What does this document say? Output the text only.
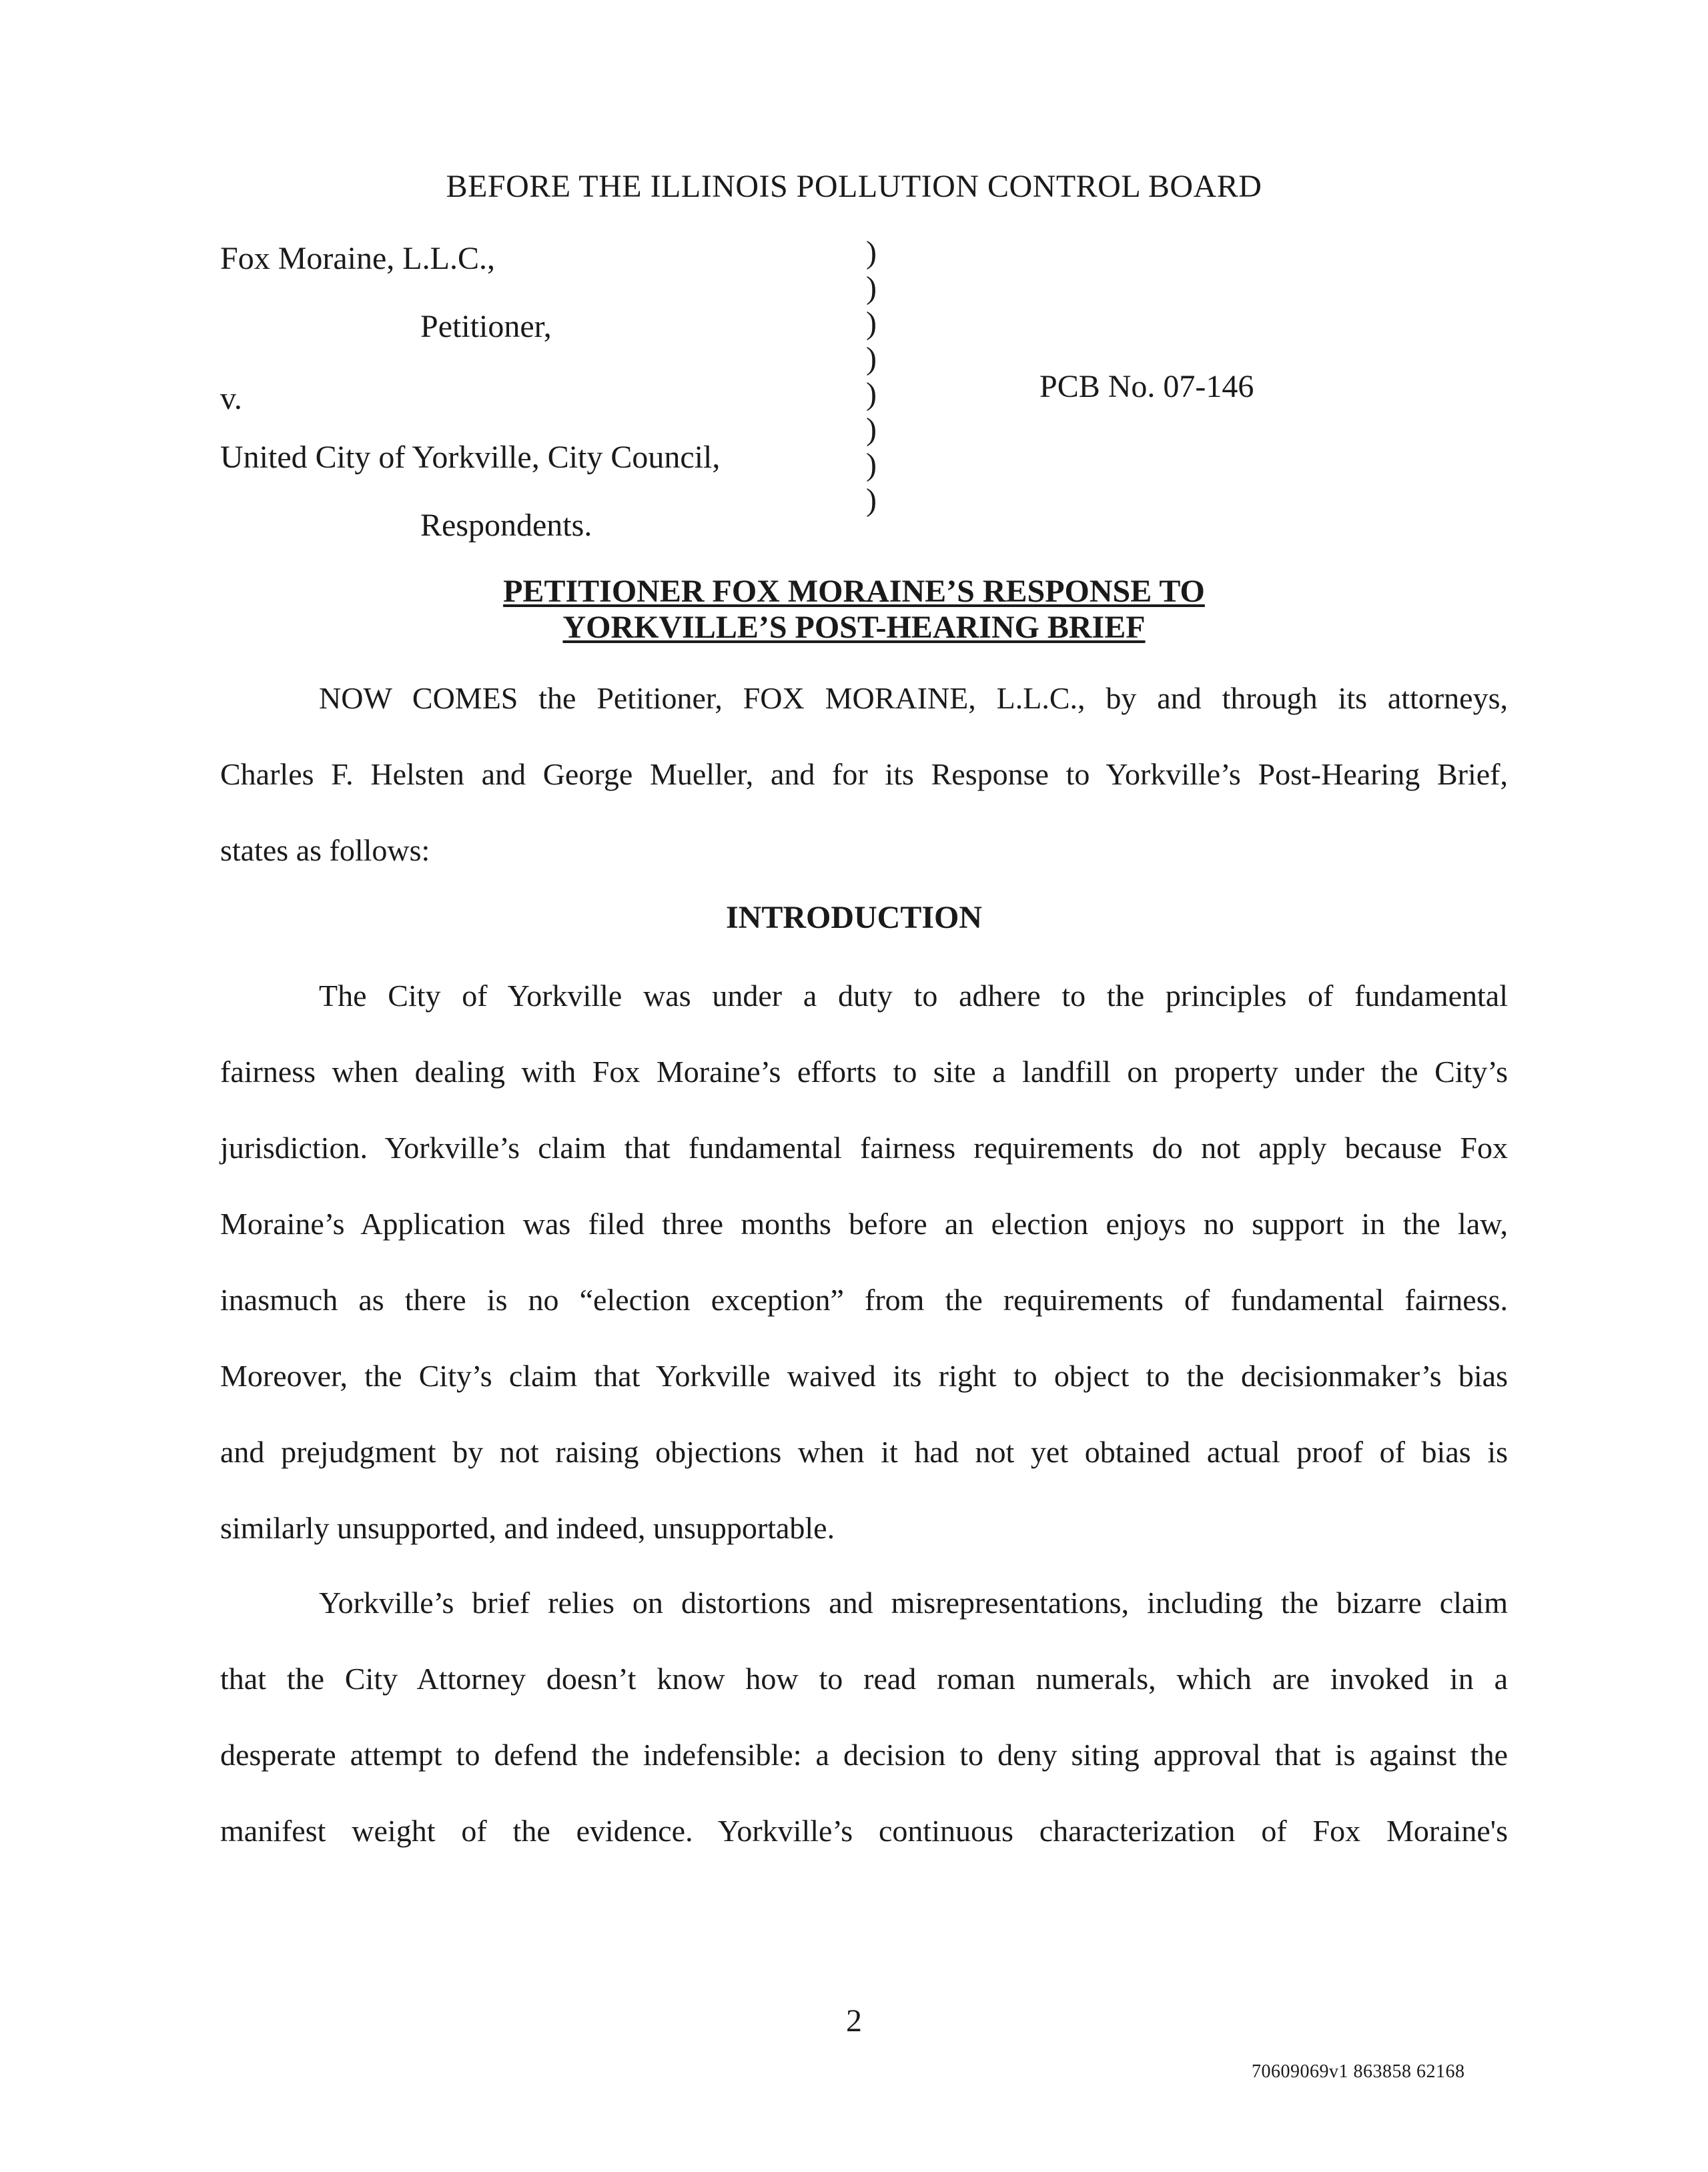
BEFORE THE ILLINOIS POLLUTION CONTROL BOARD
Fox Moraine, L.L.C.,
Petitioner,
v.
United City of Yorkville, City Council,
Respondents.
)
)
)
)
)
)
)
)
PCB No. 07-146
PETITIONER FOX MORAINE’S RESPONSE TO
YORKVILLE’S POST-HEARING BRIEF
NOW COMES the Petitioner, FOX MORAINE, L.L.C., by and through its attorneys,
Charles F. Helsten and George Mueller, and for its Response to Yorkville’s Post-Hearing Brief,
states as follows:
INTRODUCTION
The City of Yorkville was under a duty to adhere to the principles of fundamental
fairness when dealing with Fox Moraine’s efforts to site a landfill on property under the City’s
jurisdiction. Yorkville’s claim that fundamental fairness requirements do not apply because Fox
Moraine’s Application was filed three months before an election enjoys no support in the law,
inasmuch as there is no “election exception” from the requirements of fundamental fairness.
Moreover, the City’s claim that Yorkville waived its right to object to the decisionmaker’s bias
and prejudgment by not raising objections when it had not yet obtained actual proof of bias is
similarly unsupported, and indeed, unsupportable.
Yorkville’s brief relies on distortions and misrepresentations, including the bizarre claim
that the City Attorney doesn’t know how to read roman numerals, which are invoked in a
desperate attempt to defend the indefensible: a decision to deny siting approval that is against the
manifest weight of the evidence. Yorkville’s continuous characterization of Fox Moraine's
2
70609069v1 863858 62168
